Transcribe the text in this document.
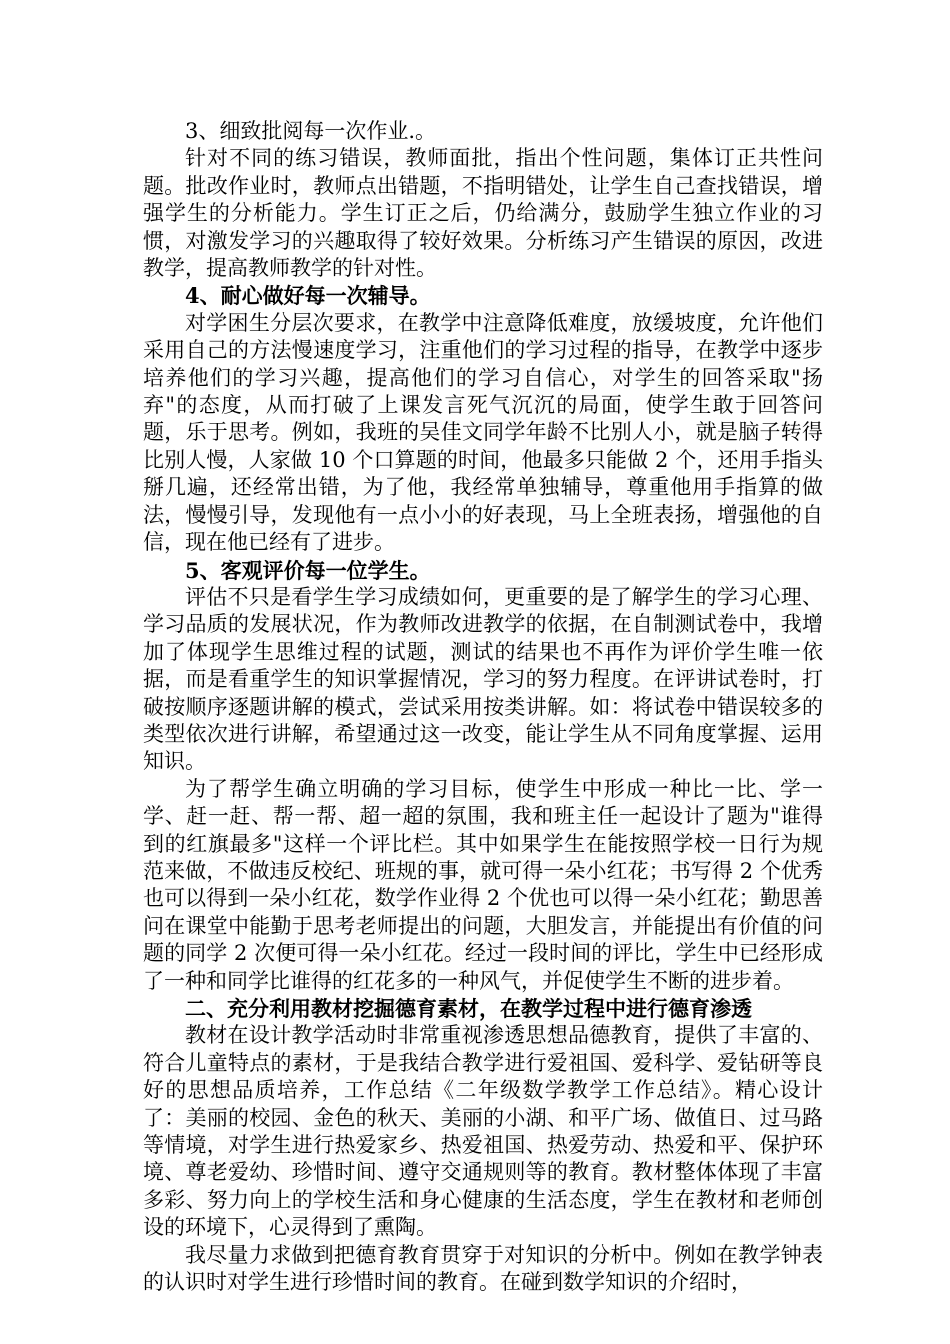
3、细致批阅每一次作业.。

针对不同的练习错误，教师面批，指出个性问题，集体订正共性问题。批改作业时，教师点出错题，不指明错处，让学生自己查找错误，增强学生的分析能力。学生订正之后，仍给满分，鼓励学生独立作业的习惯，对激发学习的兴趣取得了较好效果。分析练习产生错误的原因，改进教学，提高教师教学的针对性。

4、耐心做好每一次辅导。

对学困生分层次要求，在教学中注意降低难度，放缓坡度，允许他们采用自己的方法慢速度学习，注重他们的学习过程的指导，在教学中逐步培养他们的学习兴趣，提高他们的学习自信心，对学生的回答采取"扬弃"的态度，从而打破了上课发言死气沉沉的局面，使学生敢于回答问题，乐于思考。例如，我班的吴佳文同学年龄不比别人小，就是脑子转得比别人慢，人家做 10 个口算题的时间，他最多只能做 2 个，还用手指头掰几遍，还经常出错，为了他，我经常单独辅导，尊重他用手指算的做法，慢慢引导，发现他有一点小小的好表现，马上全班表扬，增强他的自信，现在他已经有了进步。

5、客观评价每一位学生。

评估不只是看学生学习成绩如何，更重要的是了解学生的学习心理、学习品质的发展状况，作为教师改进教学的依据，在自制测试卷中，我增加了体现学生思维过程的试题，测试的结果也不再作为评价学生唯一依据，而是看重学生的知识掌握情况，学习的努力程度。在评讲试卷时，打破按顺序逐题讲解的模式，尝试采用按类讲解。如：将试卷中错误较多的类型依次进行讲解，希望通过这一改变，能让学生从不同角度掌握、运用知识。

为了帮学生确立明确的学习目标，使学生中形成一种比一比、学一学、赶一赶、帮一帮、超一超的氛围，我和班主任一起设计了题为"谁得到的红旗最多"这样一个评比栏。其中如果学生在能按照学校一日行为规范来做，不做违反校纪、班规的事，就可得一朵小红花；书写得 2 个优秀也可以得到一朵小红花，数学作业得 2 个优也可以得一朵小红花；勤思善问在课堂中能勤于思考老师提出的问题，大胆发言，并能提出有价值的问题的同学 2 次便可得一朵小红花。经过一段时间的评比，学生中已经形成了一种和同学比谁得的红花多的一种风气，并促使学生不断的进步着。

二、充分利用教材挖掘德育素材，在教学过程中进行德育渗透

教材在设计教学活动时非常重视渗透思想品德教育，提供了丰富的、符合儿童特点的素材，于是我结合教学进行爱祖国、爱科学、爱钻研等良好的思想品质培养，工作总结《二年级数学教学工作总结》。精心设计了：美丽的校园、金色的秋天、美丽的小湖、和平广场、做值日、过马路等情境，对学生进行热爱家乡、热爱祖国、热爱劳动、热爱和平、保护环境、尊老爱幼、珍惜时间、遵守交通规则等的教育。教材整体体现了丰富多彩、努力向上的学校生活和身心健康的生活态度，学生在教材和老师创设的环境下，心灵得到了熏陶。

我尽量力求做到把德育教育贯穿于对知识的分析中。例如在教学钟表的认识时对学生进行珍惜时间的教育。在碰到数学知识的介绍时，
